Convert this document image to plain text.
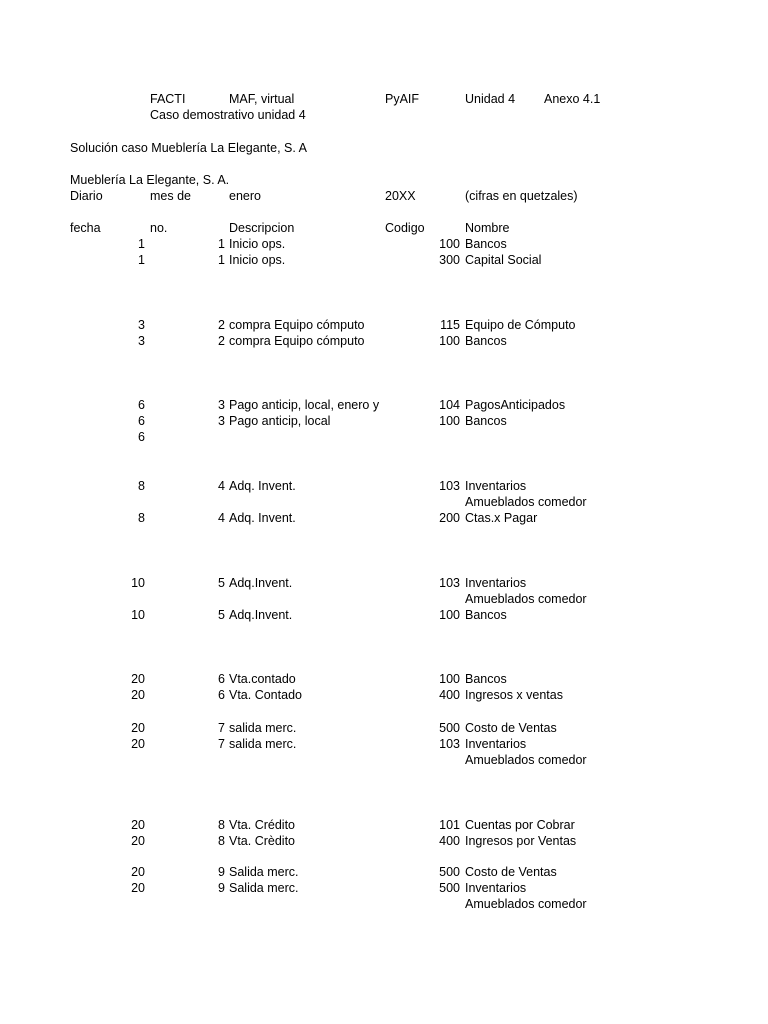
FACTI	MAF, virtual	PyAIF	Unidad 4 Anexo 4.1
Caso demostrativo unidad 4
Solución caso Mueblería La Elegante, S. A
Mueblería La Elegante, S. A.
Diario	mes de	enero	20XX	(cifras en quetzales)
fecha	no.	Descripcion	Codigo	Nombre
1	1 Inicio ops.	100 Bancos
1	1 Inicio ops.	300 Capital Social
3	2 compra Equipo cómputo	115 Equipo de Cómputo
3	2 compra Equipo cómputo	100 Bancos
6	3 Pago anticip, local, enero y	104 PagosAnticipados
6	3 Pago anticip, local	100 Bancos
6
8	4 Adq. Invent.	103 Inventarios
Amueblados comedor
8	4 Adq. Invent.	200 Ctas.x Pagar
10	5 Adq.Invent.	103 Inventarios
Amueblados comedor
10	5 Adq.Invent.	100 Bancos
20	6 Vta.contado	100 Bancos
20	6 Vta. Contado	400 Ingresos x ventas
20	7 salida merc.	500 Costo de Ventas
20	7 salida merc.	103 Inventarios
Amueblados comedor
20	8 Vta. Crédito	101 Cuentas por Cobrar
20	8 Vta. Crèdito	400 Ingresos por Ventas
20	9 Salida merc.	500 Costo de Ventas
20	9 Salida merc.	500 Inventarios
Amueblados comedor
